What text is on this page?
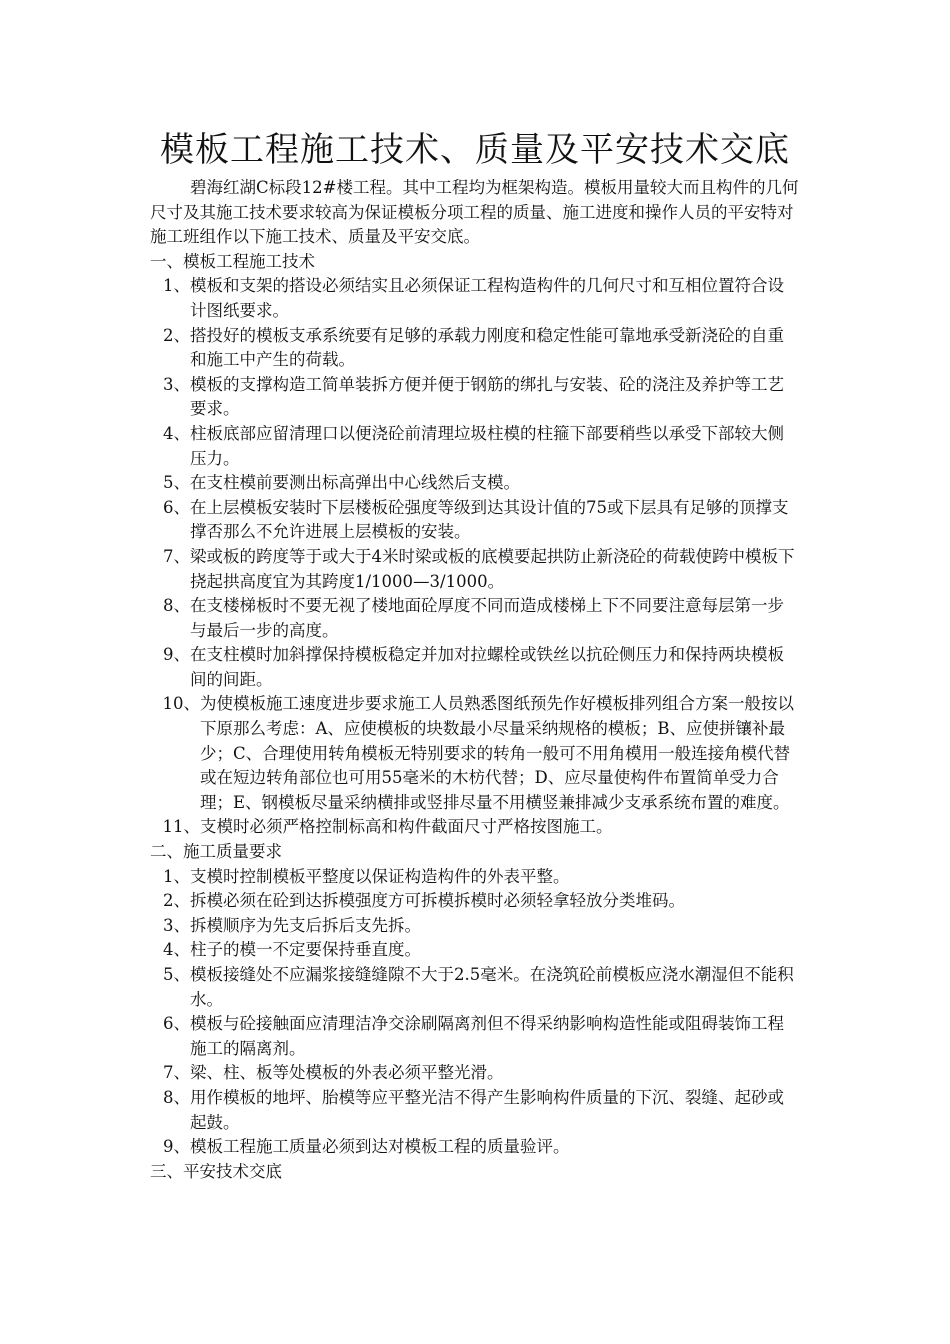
模板工程施工技术、质量及平安技术交底

碧海红湖C标段12#楼工程。其中工程均为框架构造。模板用量较大而且构件的几何尺寸及其施工技术要求较高为保证模板分项工程的质量、施工进度和操作人员的平安特对施工班组作以下施工技术、质量及平安交底。

一、模板工程施工技术

1、 模板和支架的搭设必须结实且必须保证工程构造构件的几何尺寸和互相位置符合设计图纸要求。
2、 搭投好的模板支承系统要有足够的承载力刚度和稳定性能可靠地承受新浇砼的自重和施工中产生的荷载。
3、 模板的支撑构造工简单装拆方便并便于钢筋的绑扎与安装、砼的浇注及养护等工艺要求。
4、 柱板底部应留清理口以便浇砼前清理垃圾柱模的柱箍下部要稍些以承受下部较大侧压力。
5、 在支柱模前要测出标高弹出中心线然后支模。
6、 在上层模板安装时下层楼板砼强度等级到达其设计值的75或下层具有足够的顶撑支撑否那么不允许进展上层模板的安装。
7、 梁或板的跨度等于或大于4米时梁或板的底模要起拱防止新浇砼的荷载使跨中模板下挠起拱高度宜为其跨度1/1000—3/1000。
8、 在支楼梯板时不要无视了楼地面砼厚度不同而造成楼梯上下不同要注意每层第一步与最后一步的高度。
9、 在支柱模时加斜撑保持模板稳定并加对拉螺栓或铁丝以抗砼侧压力和保持两块模板间的间距。
10、 为使模板施工速度进步要求施工人员熟悉图纸预先作好模板排列组合方案一般按以下原那么考虑：A、应使模板的块数最小尽量采纳规格的模板；B、应使拼镶补最少；C、合理使用转角模板无特别要求的转角一般可不用角模用一般连接角模代替或在短边转角部位也可用55毫米的木枋代替；D、应尽量使构件布置简单受力合理；E、钢模板尽量采纳横排或竖排尽量不用横竖兼排减少支承系统布置的难度。
11、 支模时必须严格控制标高和构件截面尺寸严格按图施工。

二、施工质量要求

1、 支模时控制模板平整度以保证构造构件的外表平整。
2、 拆模必须在砼到达拆模强度方可拆模拆模时必须轻拿轻放分类堆码。
3、 拆模顺序为先支后拆后支先拆。
4、 柱子的模一不定要保持垂直度。
5、 模板接缝处不应漏浆接缝缝隙不大于2.5毫米。在浇筑砼前模板应浇水潮湿但不能积水。
6、 模板与砼接触面应清理洁净交涂刷隔离剂但不得采纳影响构造性能或阻碍装饰工程施工的隔离剂。
7、 梁、柱、板等处模板的外表必须平整光滑。
8、 用作模板的地坪、胎模等应平整光洁不得产生影响构件质量的下沉、裂缝、起砂或起鼓。
9、 模板工程施工质量必须到达对模板工程的质量验评。

三、平安技术交底
